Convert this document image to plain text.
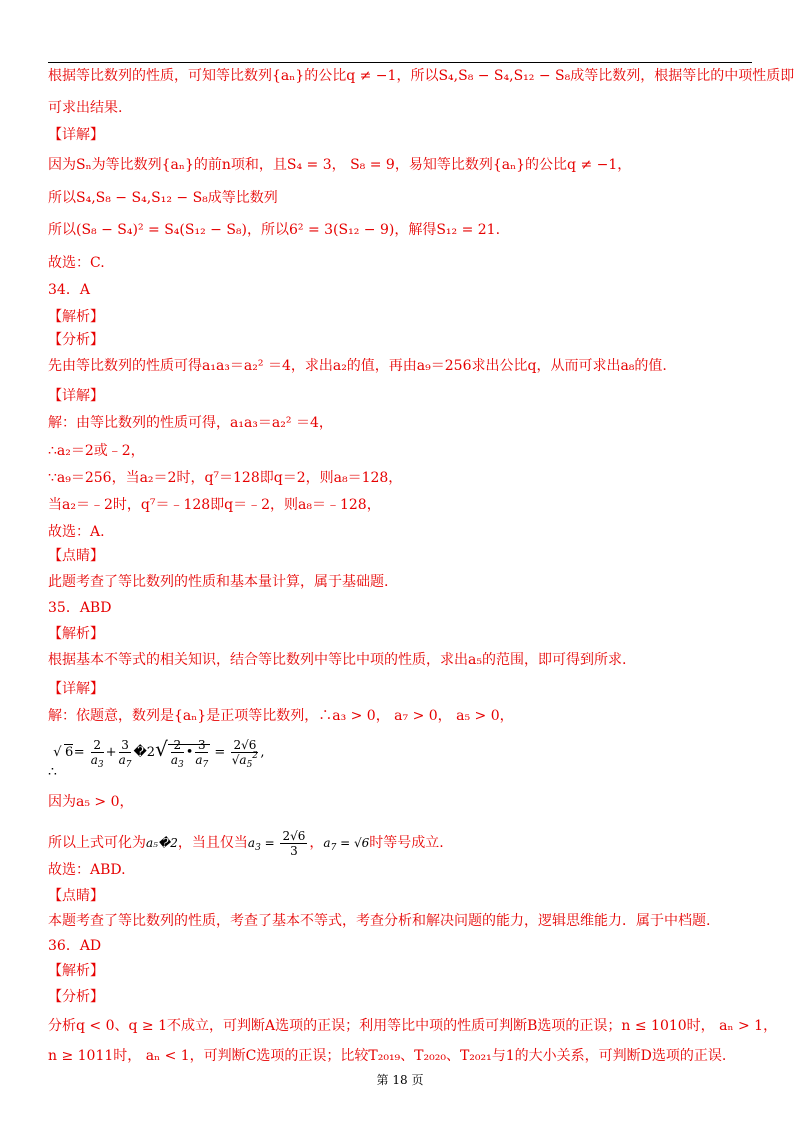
根据等比数列的性质，可知等比数列{aₙ}的公比q ≠ −1，所以S₄,S₈ − S₄,S₁₂ − S₈成等比数列，根据等比的中项性质即
可求出结果.
【详解】
因为Sₙ为等比数列{aₙ}的前n项和，且S₄ = 3， S₈ = 9，易知等比数列{aₙ}的公比q ≠ −1，
所以S₄,S₈ − S₄,S₁₂ − S₈成等比数列
所以(S₈ − S₄)² = S₄(S₁₂ − S₈)，所以6² = 3(S₁₂ − 9)，解得S₁₂ = 21.
故选：C.
34．A
【解析】
【分析】
先由等比数列的性质可得a₁a₃＝a₂² ＝4，求出a₂的值，再由a₉＝256求出公比q，从而可求出a₈的值.
【详解】
解：由等比数列的性质可得，a₁a₃＝a₂² ＝4，
∴a₂＝2或﹣2，
∵a₉＝256，当a₂＝2时，q⁷＝128即q＝2，则a₈＝128，
当a₂＝﹣2时，q⁷＝﹣128即q＝﹣2，则a₈＝﹣128，
故选：A.
【点睛】
此题考查了等比数列的性质和基本量计算，属于基础题.
35．ABD
【解析】
根据基本不等式的相关知识，结合等比数列中等比中项的性质，求出a₅的范围，即可得到所求.
【详解】
解：依题意，数列是{aₙ}是正项等比数列，∴a₃ > 0， a₇ > 0， a₅ > 0，
$6√ = \frac{2}{a_3} + \frac{3}{a_7}$ �2√ $\frac{2}{a_3}$ • $\frac{3}{a_7} = \frac{2√6}{√a_5^2}$ ,
∴
因为a₅ > 0，
所以上式可化为a₅�2，当且仅当$a_3 = \frac{2√6}{3}$ ，$a_7 = √6$时等号成立.
故选：ABD.
【点睛】
本题考查了等比数列的性质，考查了基本不等式，考查分析和解决问题的能力，逻辑思维能力．属于中档题.
36．AD
【解析】
【分析】
分析q < 0、q ≥ 1不成立，可判断A选项的正误；利用等比中项的性质可判断B选项的正误；n ≤ 1010时， aₙ > 1，
n ≥ 1011时， aₙ < 1，可判断C选项的正误；比较T₂₀₁₉、T₂₀₂₀、T₂₀₂₁与1的大小关系，可判断D选项的正误.
第 18 页
